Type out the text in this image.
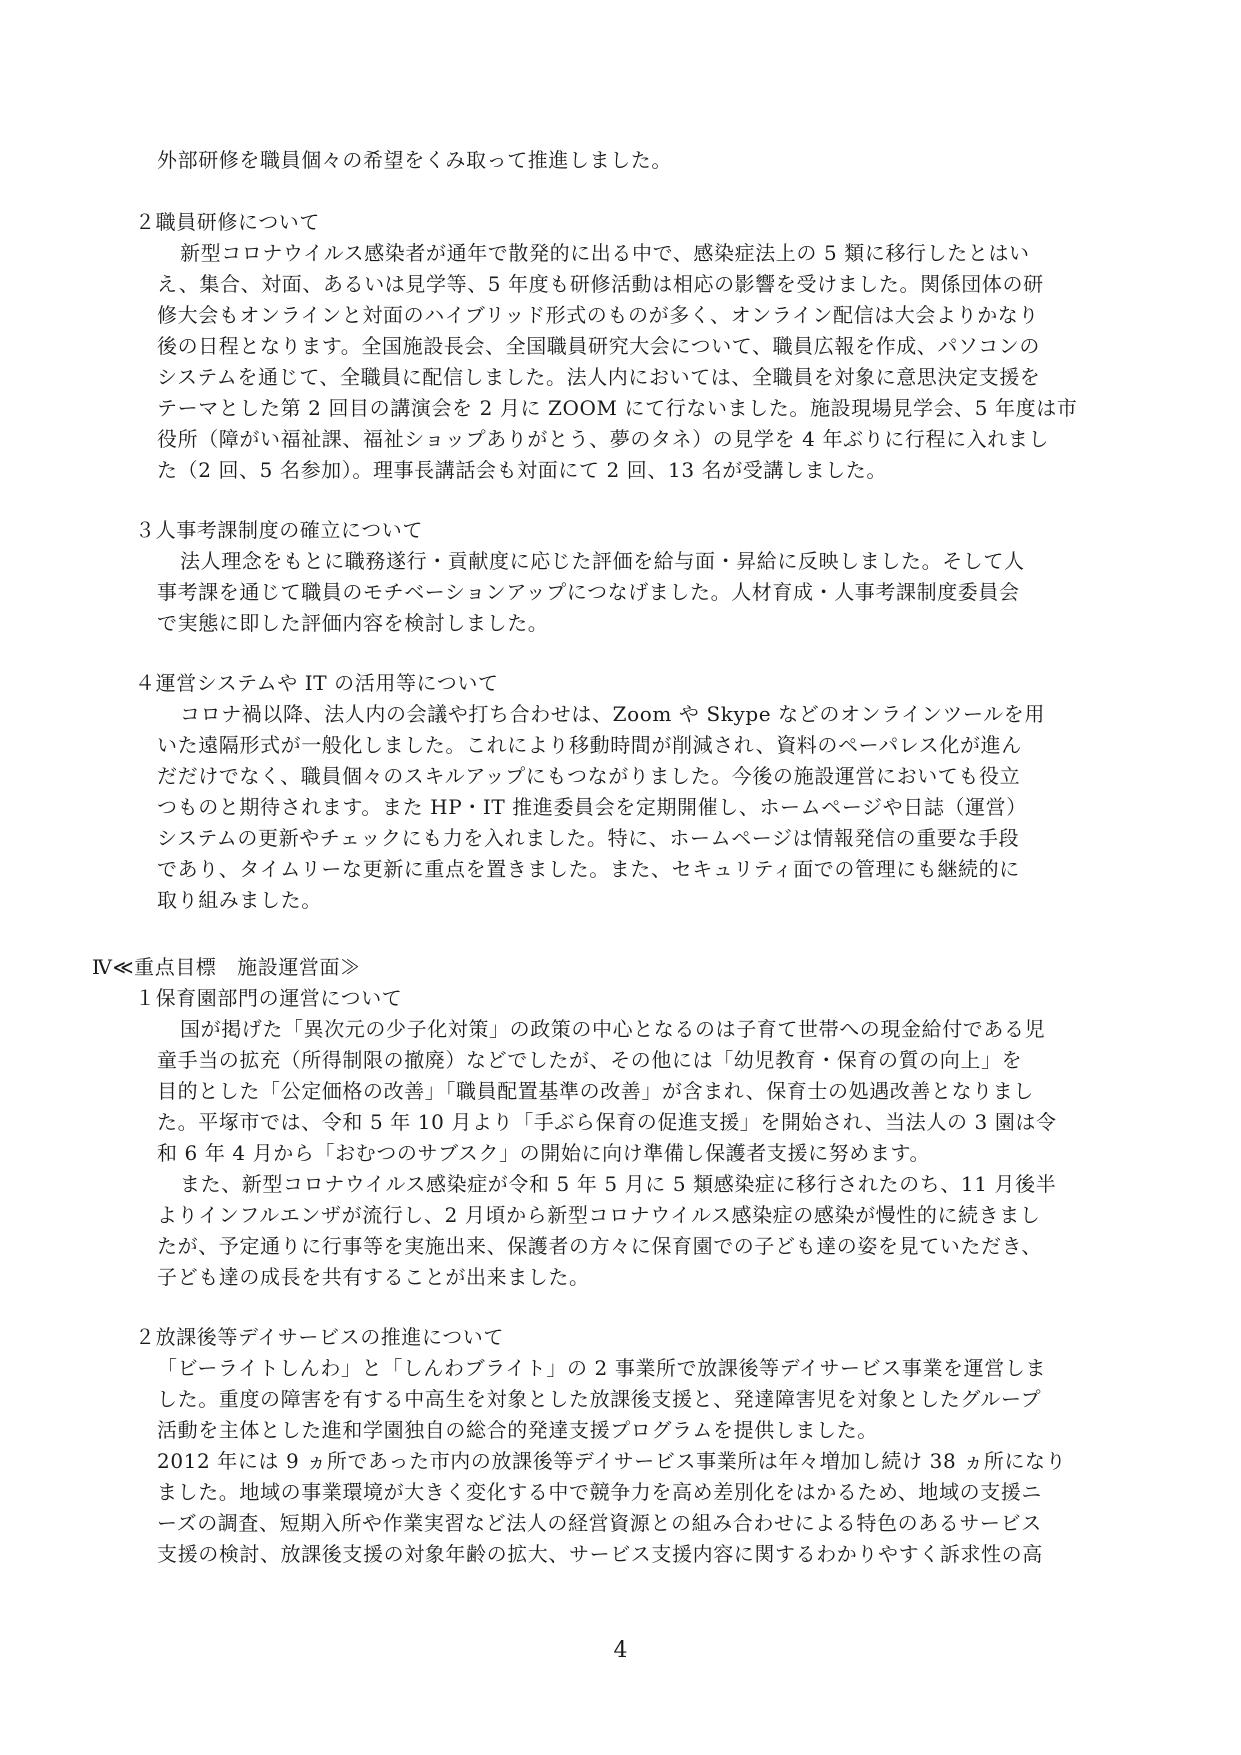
外部研修を職員個々の希望をくみ取って推進しました。
２職員研修について
新型コロナウイルス感染者が通年で散発的に出る中で、感染症法上の 5 類に移行したとはい
え、集合、対面、あるいは見学等、5 年度も研修活動は相応の影響を受けました。関係団体の研
修大会もオンラインと対面のハイブリッド形式のものが多く、オンライン配信は大会よりかなり
後の日程となります。全国施設長会、全国職員研究大会について、職員広報を作成、パソコンの
システムを通じて、全職員に配信しました。法人内においては、全職員を対象に意思決定支援を
テーマとした第 2 回目の講演会を 2 月に ZOOM にて行ないました。施設現場見学会、5 年度は市
役所（障がい福祉課、福祉ショップありがとう、夢のタネ）の見学を 4 年ぶりに行程に入れまし
た（2 回、5 名参加）。理事長講話会も対面にて 2 回、13 名が受講しました。
３人事考課制度の確立について
法人理念をもとに職務遂行・貢献度に応じた評価を給与面・昇給に反映しました。そして人
事考課を通じて職員のモチベーションアップにつなげました。人材育成・人事考課制度委員会
で実態に即した評価内容を検討しました。
４運営システムや IT の活用等について
コロナ禍以降、法人内の会議や打ち合わせは、Zoom や Skype などのオンラインツールを用
いた遠隔形式が一般化しました。これにより移動時間が削減され、資料のペーパレス化が進ん
だだけでなく、職員個々のスキルアップにもつながりました。今後の施設運営においても役立
つものと期待されます。また HP・IT 推進委員会を定期開催し、ホームページや日誌（運営）
システムの更新やチェックにも力を入れました。特に、ホームページは情報発信の重要な手段
であり、タイムリーな更新に重点を置きました。また、セキュリティ面での管理にも継続的に
取り組みました。
Ⅳ≪重点目標　施設運営面≫
１保育園部門の運営について
国が掲げた「異次元の少子化対策」の政策の中心となるのは子育て世帯への現金給付である児
童手当の拡充（所得制限の撤廃）などでしたが、その他には「幼児教育・保育の質の向上」を
目的とした「公定価格の改善」「職員配置基準の改善」が含まれ、保育士の処遇改善となりまし
た。平塚市では、令和 5 年 10 月より「手ぶら保育の促進支援」を開始され、当法人の 3 園は令
和 6 年 4 月から「おむつのサブスク」の開始に向け準備し保護者支援に努めます。
また、新型コロナウイルス感染症が令和 5 年 5 月に 5 類感染症に移行されたのち、11 月後半
よりインフルエンザが流行し、2 月頃から新型コロナウイルス感染症の感染が慢性的に続きまし
たが、予定通りに行事等を実施出来、保護者の方々に保育園での子ども達の姿を見ていただき、
子ども達の成長を共有することが出来ました。
２放課後等デイサービスの推進について
「ビーライトしんわ」と「しんわブライト」の 2 事業所で放課後等デイサービス事業を運営しま
した。重度の障害を有する中高生を対象とした放課後支援と、発達障害児を対象としたグループ
活動を主体とした進和学園独自の総合的発達支援プログラムを提供しました。
2012 年には 9 ヵ所であった市内の放課後等デイサービス事業所は年々増加し続け 38 ヵ所になり
ました。地域の事業環境が大きく変化する中で競争力を高め差別化をはかるため、地域の支援ニ
ーズの調査、短期入所や作業実習など法人の経営資源との組み合わせによる特色のあるサービス
支援の検討、放課後支援の対象年齢の拡大、サービス支援内容に関するわかりやすく訴求性の高
4
